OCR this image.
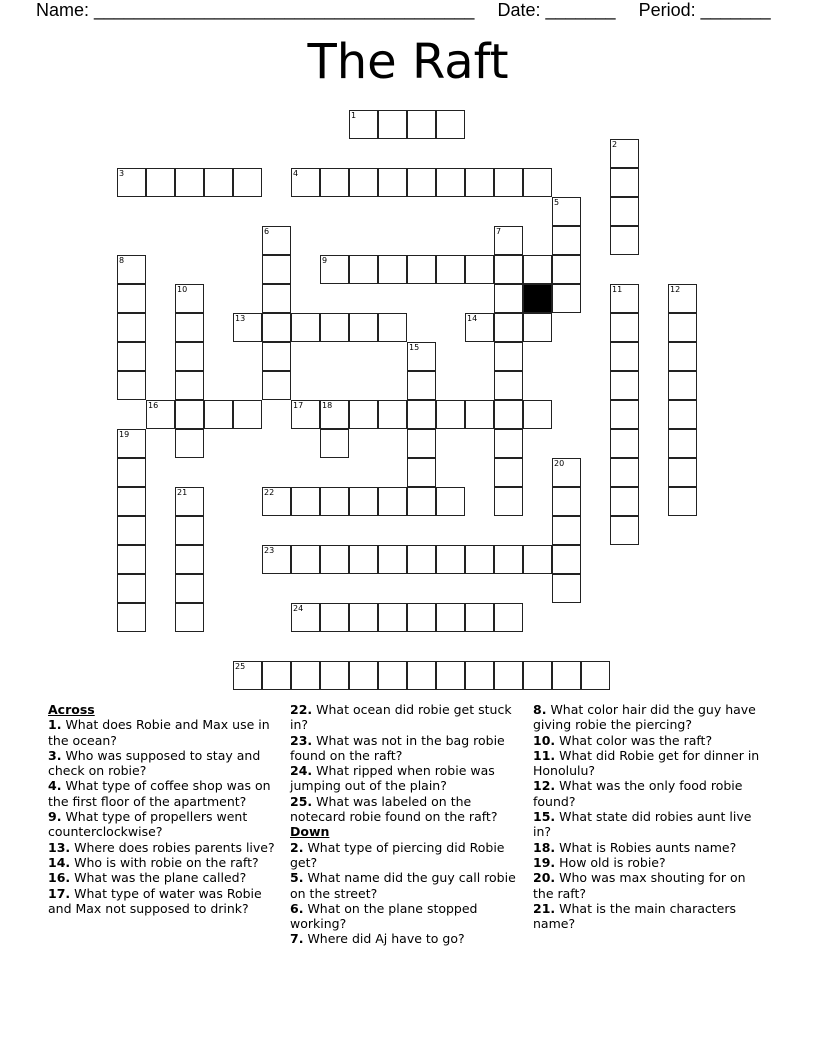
Name: ______________________________________ Date: _______ Period: _______
The Raft
1
2
3	4
5
6	7
8	9
10	11	12
13	14
15
16	17 18
19
20
21	22
23
24
25
Across

1. What does Robie and Max use in the ocean?

3. Who was supposed to stay and check on robie?

4. What type of coffee shop was on the first floor of the apartment?

9. What type of propellers went counterclockwise?

13. Where does robies parents live?

14. Who is with robie on the raft?

16. What was the plane called?

17. What type of water was Robie and Max not supposed to drink?

22. What ocean did robie get stuck in?

23. What was not in the bag robie found on the raft?

24. What ripped when robie was jumping out of the plain?

25. What was labeled on the notecard robie found on the raft?

Down

2. What type of piercing did Robie get?

5. What name did the guy call robie on the street?

6. What on the plane stopped working?

7. Where did Aj have to go?

8. What color hair did the guy have giving robie the piercing?

10. What color was the raft?

11. What did Robie get for dinner in Honolulu?

12. What was the only food robie found?

15. What state did robies aunt live in?

18. What is Robies aunts name?

19. How old is robie?

20. Who was max shouting for on the raft?

21. What is the main characters name?
